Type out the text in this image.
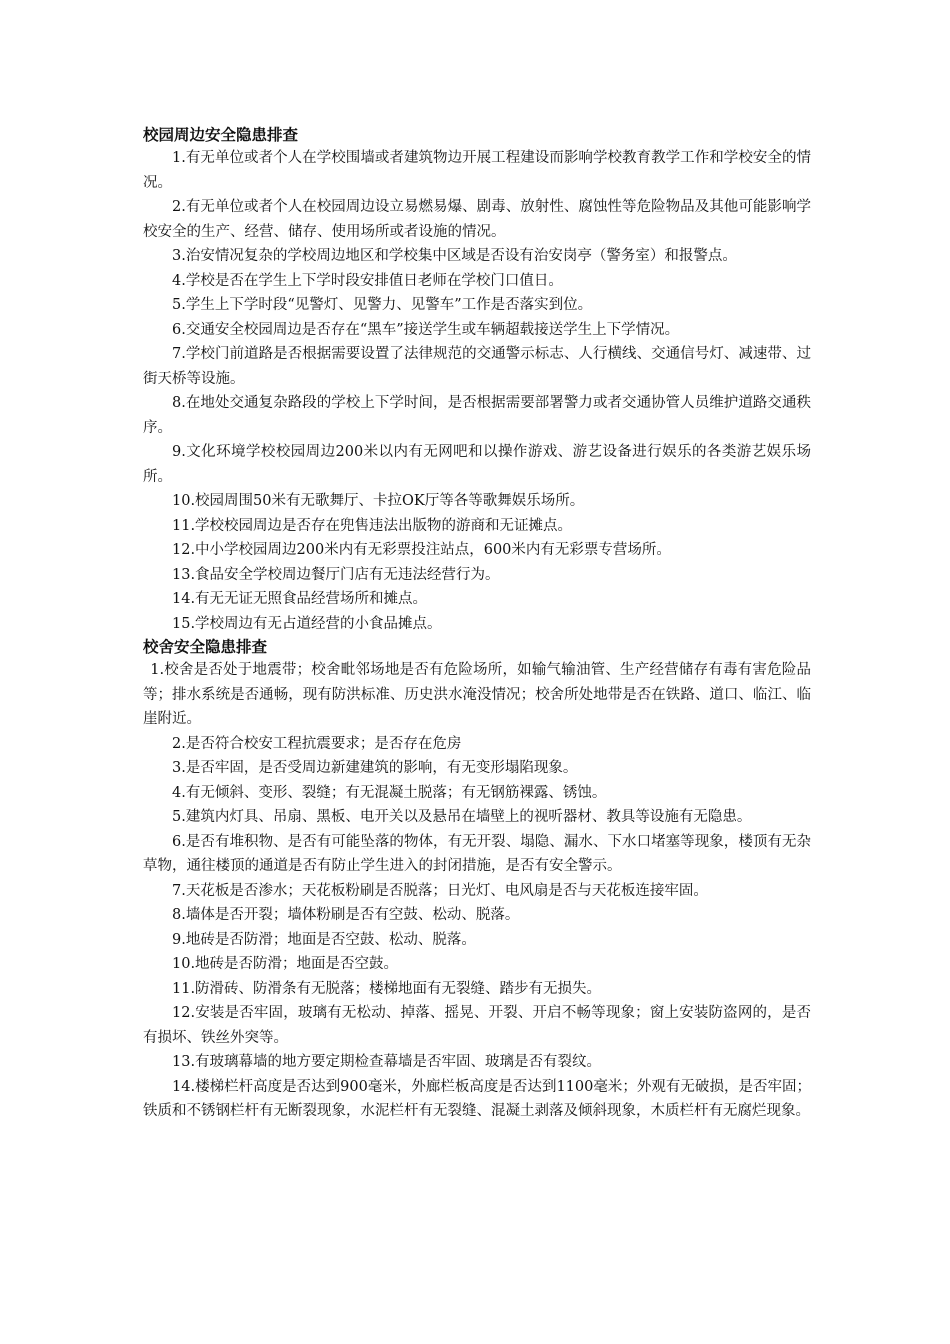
校园周边安全隐患排查

1.有无单位或者个人在学校围墙或者建筑物边开展工程建设而影响学校教育教学工作和学校安全的情况。

2.有无单位或者个人在校园周边设立易燃易爆、剧毒、放射性、腐蚀性等危险物品及其他可能影响学校安全的生产、经营、储存、使用场所或者设施的情况。

3.治安情况复杂的学校周边地区和学校集中区域是否设有治安岗亭（警务室）和报警点。

4.学校是否在学生上下学时段安排值日老师在学校门口值日。

5.学生上下学时段“见警灯、见警力、见警车”工作是否落实到位。

6.交通安全校园周边是否存在“黑车”接送学生或车辆超载接送学生上下学情况。

7.学校门前道路是否根据需要设置了法律规范的交通警示标志、人行横线、交通信号灯、减速带、过街天桥等设施。

8.在地处交通复杂路段的学校上下学时间，是否根据需要部署警力或者交通协管人员维护道路交通秩序。

9.文化环境学校校园周边200米以内有无网吧和以操作游戏、游艺设备进行娱乐的各类游艺娱乐场所。

10.校园周围50米有无歌舞厅、卡拉OK厅等各等歌舞娱乐场所。

11.学校校园周边是否存在兜售违法出版物的游商和无证摊点。

12.中小学校园周边200米内有无彩票投注站点，600米内有无彩票专营场所。

13.食品安全学校周边餐厅门店有无违法经营行为。

14.有无无证无照食品经营场所和摊点。

15.学校周边有无占道经营的小食品摊点。

校舍安全隐患排查

1.校舍是否处于地震带；校舍毗邻场地是否有危险场所，如输气输油管、生产经营储存有毒有害危险品等；排水系统是否通畅，现有防洪标准、历史洪水淹没情况；校舍所处地带是否在铁路、道口、临江、临崖附近。

2.是否符合校安工程抗震要求；是否存在危房

3.是否牢固，是否受周边新建建筑的影响，有无变形塌陷现象。

4.有无倾斜、变形、裂缝；有无混凝土脱落；有无钢筋裸露、锈蚀。

5.建筑内灯具、吊扇、黑板、电开关以及悬吊在墙壁上的视听器材、教具等设施有无隐患。

6.是否有堆积物、是否有可能坠落的物体，有无开裂、塌隐、漏水、下水口堵塞等现象，楼顶有无杂草物，通往楼顶的通道是否有防止学生进入的封闭措施，是否有安全警示。

7.天花板是否渗水；天花板粉刷是否脱落；日光灯、电风扇是否与天花板连接牢固。

8.墙体是否开裂；墙体粉刷是否有空鼓、松动、脱落。

9.地砖是否防滑；地面是否空鼓、松动、脱落。

10.地砖是否防滑；地面是否空鼓。

11.防滑砖、防滑条有无脱落；楼梯地面有无裂缝、踏步有无损失。

12.安装是否牢固，玻璃有无松动、掉落、摇晃、开裂、开启不畅等现象；窗上安装防盗网的，是否有损坏、铁丝外突等。

13.有玻璃幕墙的地方要定期检查幕墙是否牢固、玻璃是否有裂纹。

14.楼梯栏杆高度是否达到900毫米，外廊栏板高度是否达到1100毫米；外观有无破损，是否牢固；铁质和不锈钢栏杆有无断裂现象，水泥栏杆有无裂缝、混凝土剥落及倾斜现象，木质栏杆有无腐烂现象。
